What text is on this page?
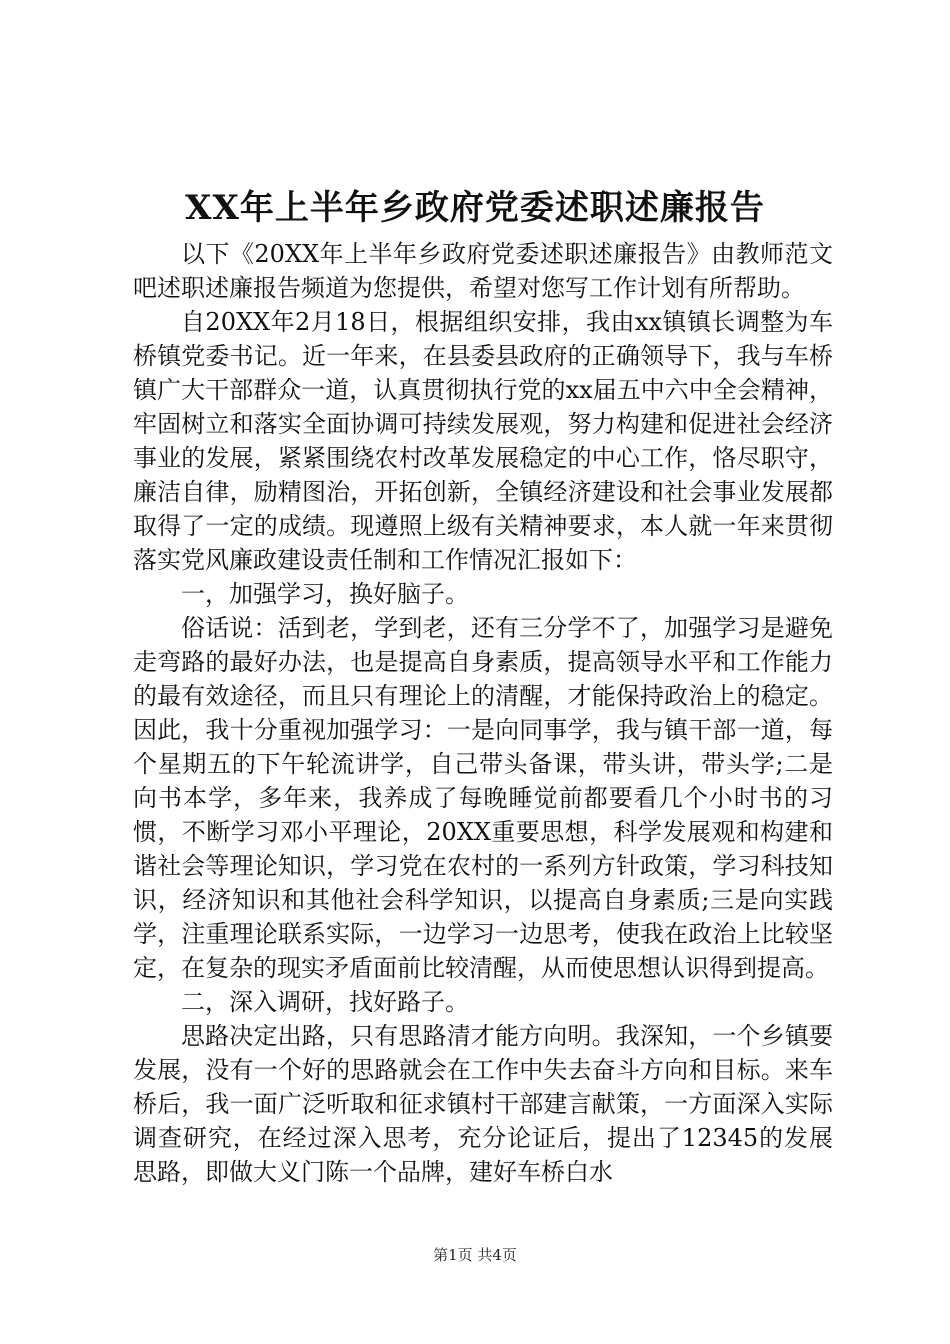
XX年上半年乡政府党委述职述廉报告

以下《20XX年上半年乡政府党委述职述廉报告》由教师范文吧述职述廉报告频道为您提供，希望对您写工作计划有所帮助。

自20XX年2月18日，根据组织安排，我由xx镇镇长调整为车桥镇党委书记。近一年来，在县委县政府的正确领导下，我与车桥镇广大干部群众一道，认真贯彻执行党的xx届五中六中全会精神，牢固树立和落实全面协调可持续发展观，努力构建和促进社会经济事业的发展，紧紧围绕农村改革发展稳定的中心工作，恪尽职守，廉洁自律，励精图治，开拓创新，全镇经济建设和社会事业发展都取得了一定的成绩。现遵照上级有关精神要求，本人就一年来贯彻落实党风廉政建设责任制和工作情况汇报如下：

一，加强学习，换好脑子。

俗话说：活到老，学到老，还有三分学不了，加强学习是避免走弯路的最好办法，也是提高自身素质，提高领导水平和工作能力的最有效途径，而且只有理论上的清醒，才能保持政治上的稳定。因此，我十分重视加强学习：一是向同事学，我与镇干部一道，每个星期五的下午轮流讲学，自己带头备课，带头讲，带头学;二是向书本学，多年来，我养成了每晚睡觉前都要看几个小时书的习惯，不断学习邓小平理论，20XX重要思想，科学发展观和构建和谐社会等理论知识，学习党在农村的一系列方针政策，学习科技知识，经济知识和其他社会科学知识，以提高自身素质;三是向实践学，注重理论联系实际，一边学习一边思考，使我在政治上比较坚定，在复杂的现实矛盾面前比较清醒，从而使思想认识得到提高。

二，深入调研，找好路子。

思路决定出路，只有思路清才能方向明。我深知，一个乡镇要发展，没有一个好的思路就会在工作中失去奋斗方向和目标。来车桥后，我一面广泛听取和征求镇村干部建言献策，一方面深入实际调查研究，在经过深入思考，充分论证后，提出了12345的发展思路，即做大义门陈一个品牌，建好车桥白水

第1页 共4页
